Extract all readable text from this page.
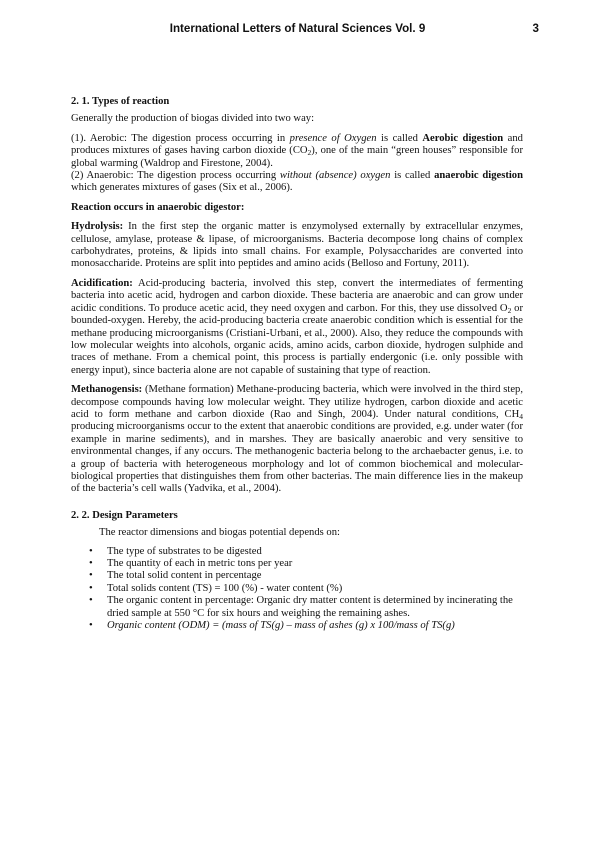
International Letters of Natural Sciences Vol. 9	3

2. 1. Types of reaction

Generally the production of biogas divided into two way:

(1). Aerobic: The digestion process occurring in presence of Oxygen is called Aerobic digestion and produces mixtures of gases having carbon dioxide $(CO_2)$, one of the main “green houses” responsible for global warming (Waldrop and Firestone, 2004).

(2) Anaerobic: The digestion process occurring without (absence) oxygen is called anaerobic digestion which generates mixtures of gases (Six et al., 2006).

Reaction occurs in anaerobic digestor:

Hydrolysis: In the first step the organic matter is enzymolysed externally by extracellular enzymes, cellulose, amylase, protease & lipase, of microorganisms. Bacteria decompose long chains of complex carbohydrates, proteins, & lipids into small chains. For example, Polysaccharides are converted into monosaccharide. Proteins are split into peptides and amino acids (Belloso and Fortuny, 2011).

Acidification: Acid-producing bacteria, involved this step, convert the intermediates of fermenting bacteria into acetic acid, hydrogen and carbon dioxide. These bacteria are anaerobic and can grow under acidic conditions. To produce acetic acid, they need oxygen and carbon. For this, they use dissolved $O_2$ or bounded-oxygen. Hereby, the acid-producing bacteria create anaerobic condition which is essential for the methane producing microorganisms (Cristiani-Urbani, et al., 2000). Also, they reduce the compounds with low molecular weights into alcohols, organic acids, amino acids, carbon dioxide, hydrogen sulphide and traces of methane. From a chemical point, this process is partially endergonic (i.e. only possible with energy input), since bacteria alone are not capable of sustaining that type of reaction.

Methanogensis: (Methane formation) Methane-producing bacteria, which were involved in the third step, decompose compounds having low molecular weight. They utilize hydrogen, carbon dioxide and acetic acid to form methane and carbon dioxide (Rao and Singh, 2004). Under natural conditions, $CH_4$ producing microorganisms occur to the extent that anaerobic conditions are provided, e.g. under water (for example in marine sediments), and in marshes. They are basically anaerobic and very sensitive to environmental changes, if any occurs. The methanogenic bacteria belong to the archaebacter genus, i.e. to a group of bacteria with heterogeneous morphology and lot of common biochemical and molecular-biological properties that distinguishes them from other bacterias. The main difference lies in the makeup of the bacteria’s cell walls (Yadvika, et al., 2004).

2. 2. Design Parameters

The reactor dimensions and biogas potential depends on:

• The type of substrates to be digested
• The quantity of each in metric tons per year
• The total solid content in percentage
• Total solids content (TS) = 100 (%) - water content (%)
• The organic content in percentage: Organic dry matter content is determined by incinerating the dried sample at 550 °C for six hours and weighing the remaining ashes.
• Organic content (ODM) = (mass of TS(g) – mass of ashes (g) x 100/mass of TS(g)
